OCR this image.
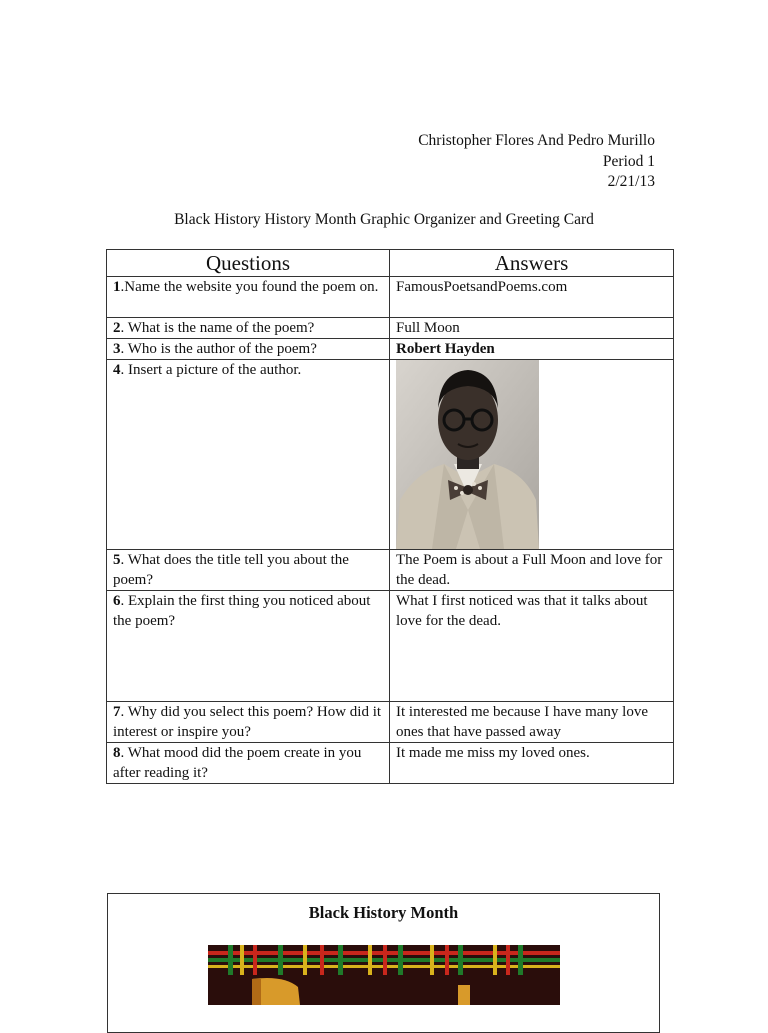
Christopher Flores And Pedro Murillo
Period 1
2/21/13
Black History History Month Graphic Organizer and Greeting Card
Questions	Answers
1.Name the website you found the poem on.	FamousPoetsandPoems.com
2. What is the name of the poem?	Full Moon
3. Who is the author of the poem?	Robert Hayden
4. Insert a picture of the author.	

5. What does the title tell you about the poem?	The Poem is about a Full Moon and love for the dead.
6. Explain the first thing you noticed about the poem?	What I first noticed was that it talks about love for the dead.
7. Why did you select this poem? How did it interest or inspire you?	It interested me because I have many love ones that have passed away
8. What mood did the poem create in you after reading it?	It made me miss my loved ones.
Black History Month
